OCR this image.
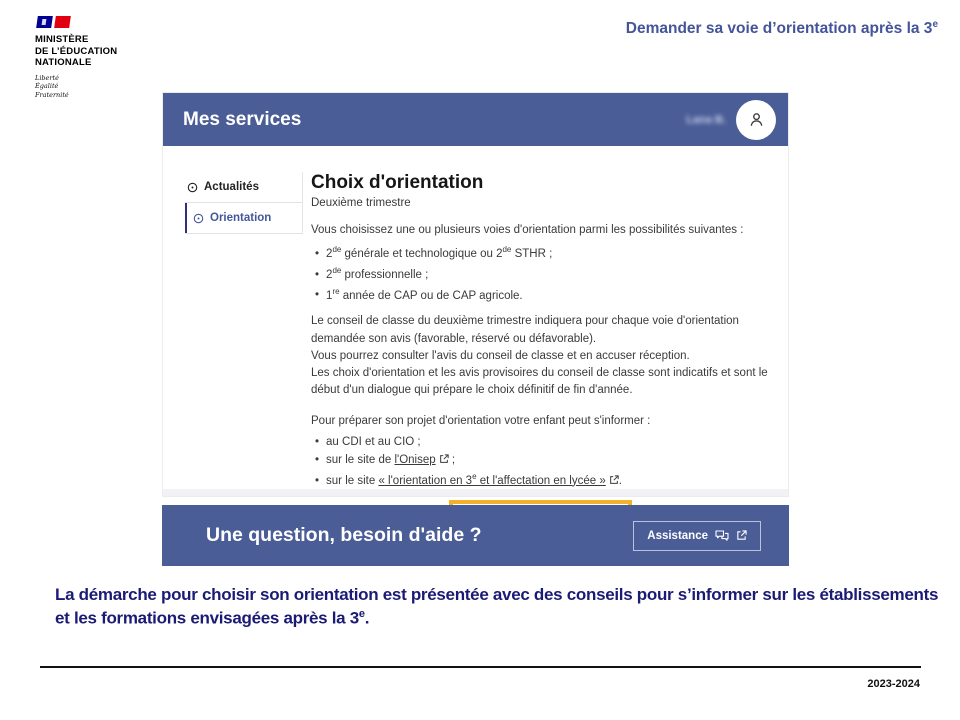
MINISTÈRE
DE L’ÉDUCATION
NATIONALE
Liberté
Égalité
Fraternité
Demander sa voie d’orientation après la 3e
Mes services	Lana B.
Actualités
Orientation
Choix d'orientation
Deuxième trimestre

Vous choisissez une ou plusieurs voies d'orientation parmi les possibilités suivantes :

• 2de générale et technologique ou 2de STHR ;
• 2de professionnelle ;
• 1re année de CAP ou de CAP agricole.

Le conseil de classe du deuxième trimestre indiquera pour chaque voie d'orientation demandée son avis (favorable, réservé ou défavorable).
Vous pourrez consulter l'avis du conseil de classe et en accuser réception.
Les choix d'orientation et les avis provisoires du conseil de classe sont indicatifs et sont le début d'un dialogue qui prépare le choix définitif de fin d'année.

Pour préparer son projet d'orientation votre enfant peut s'informer :

• au CDI et au CIO ;
• sur le site de l'Onisep ;
• sur le site « l'orientation en 3e et l'affectation en lycée » .
Une question, besoin d'aide ?	Assistance

La démarche pour choisir son orientation est présentée avec des conseils pour s’informer sur les établissements et les formations envisagées après la 3e.

2023-2024
